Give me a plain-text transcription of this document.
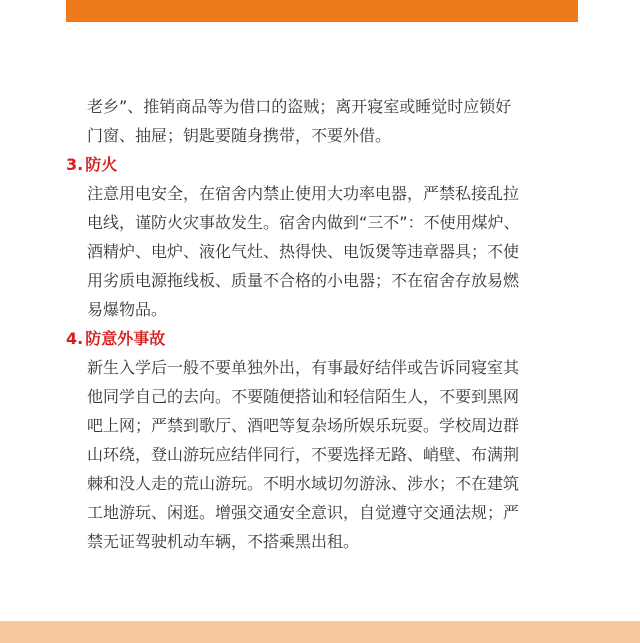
老乡”、推销商品等为借口的盗贼；离开寝室或睡觉时应锁好
门窗、抽屉；钥匙要随身携带，不要外借。

3. 防火

注意用电安全，在宿舍内禁止使用大功率电器，严禁私接乱拉
电线，谨防火灾事故发生。宿舍内做到“三不”：不使用煤炉、
酒精炉、电炉、液化气灶、热得快、电饭煲等违章器具；不使
用劣质电源拖线板、质量不合格的小电器；不在宿舍存放易燃
易爆物品。

4. 防意外事故

新生入学后一般不要单独外出，有事最好结伴或告诉同寝室其
他同学自己的去向。不要随便搭讪和轻信陌生人，不要到黑网
吧上网；严禁到歌厅、酒吧等复杂场所娱乐玩耍。学校周边群
山环绕，登山游玩应结伴同行，不要选择无路、峭壁、布满荆
棘和没人走的荒山游玩。不明水域切勿游泳、涉水；不在建筑
工地游玩、闲逛。增强交通安全意识，自觉遵守交通法规；严
禁无证驾驶机动车辆，不搭乘黑出租。
